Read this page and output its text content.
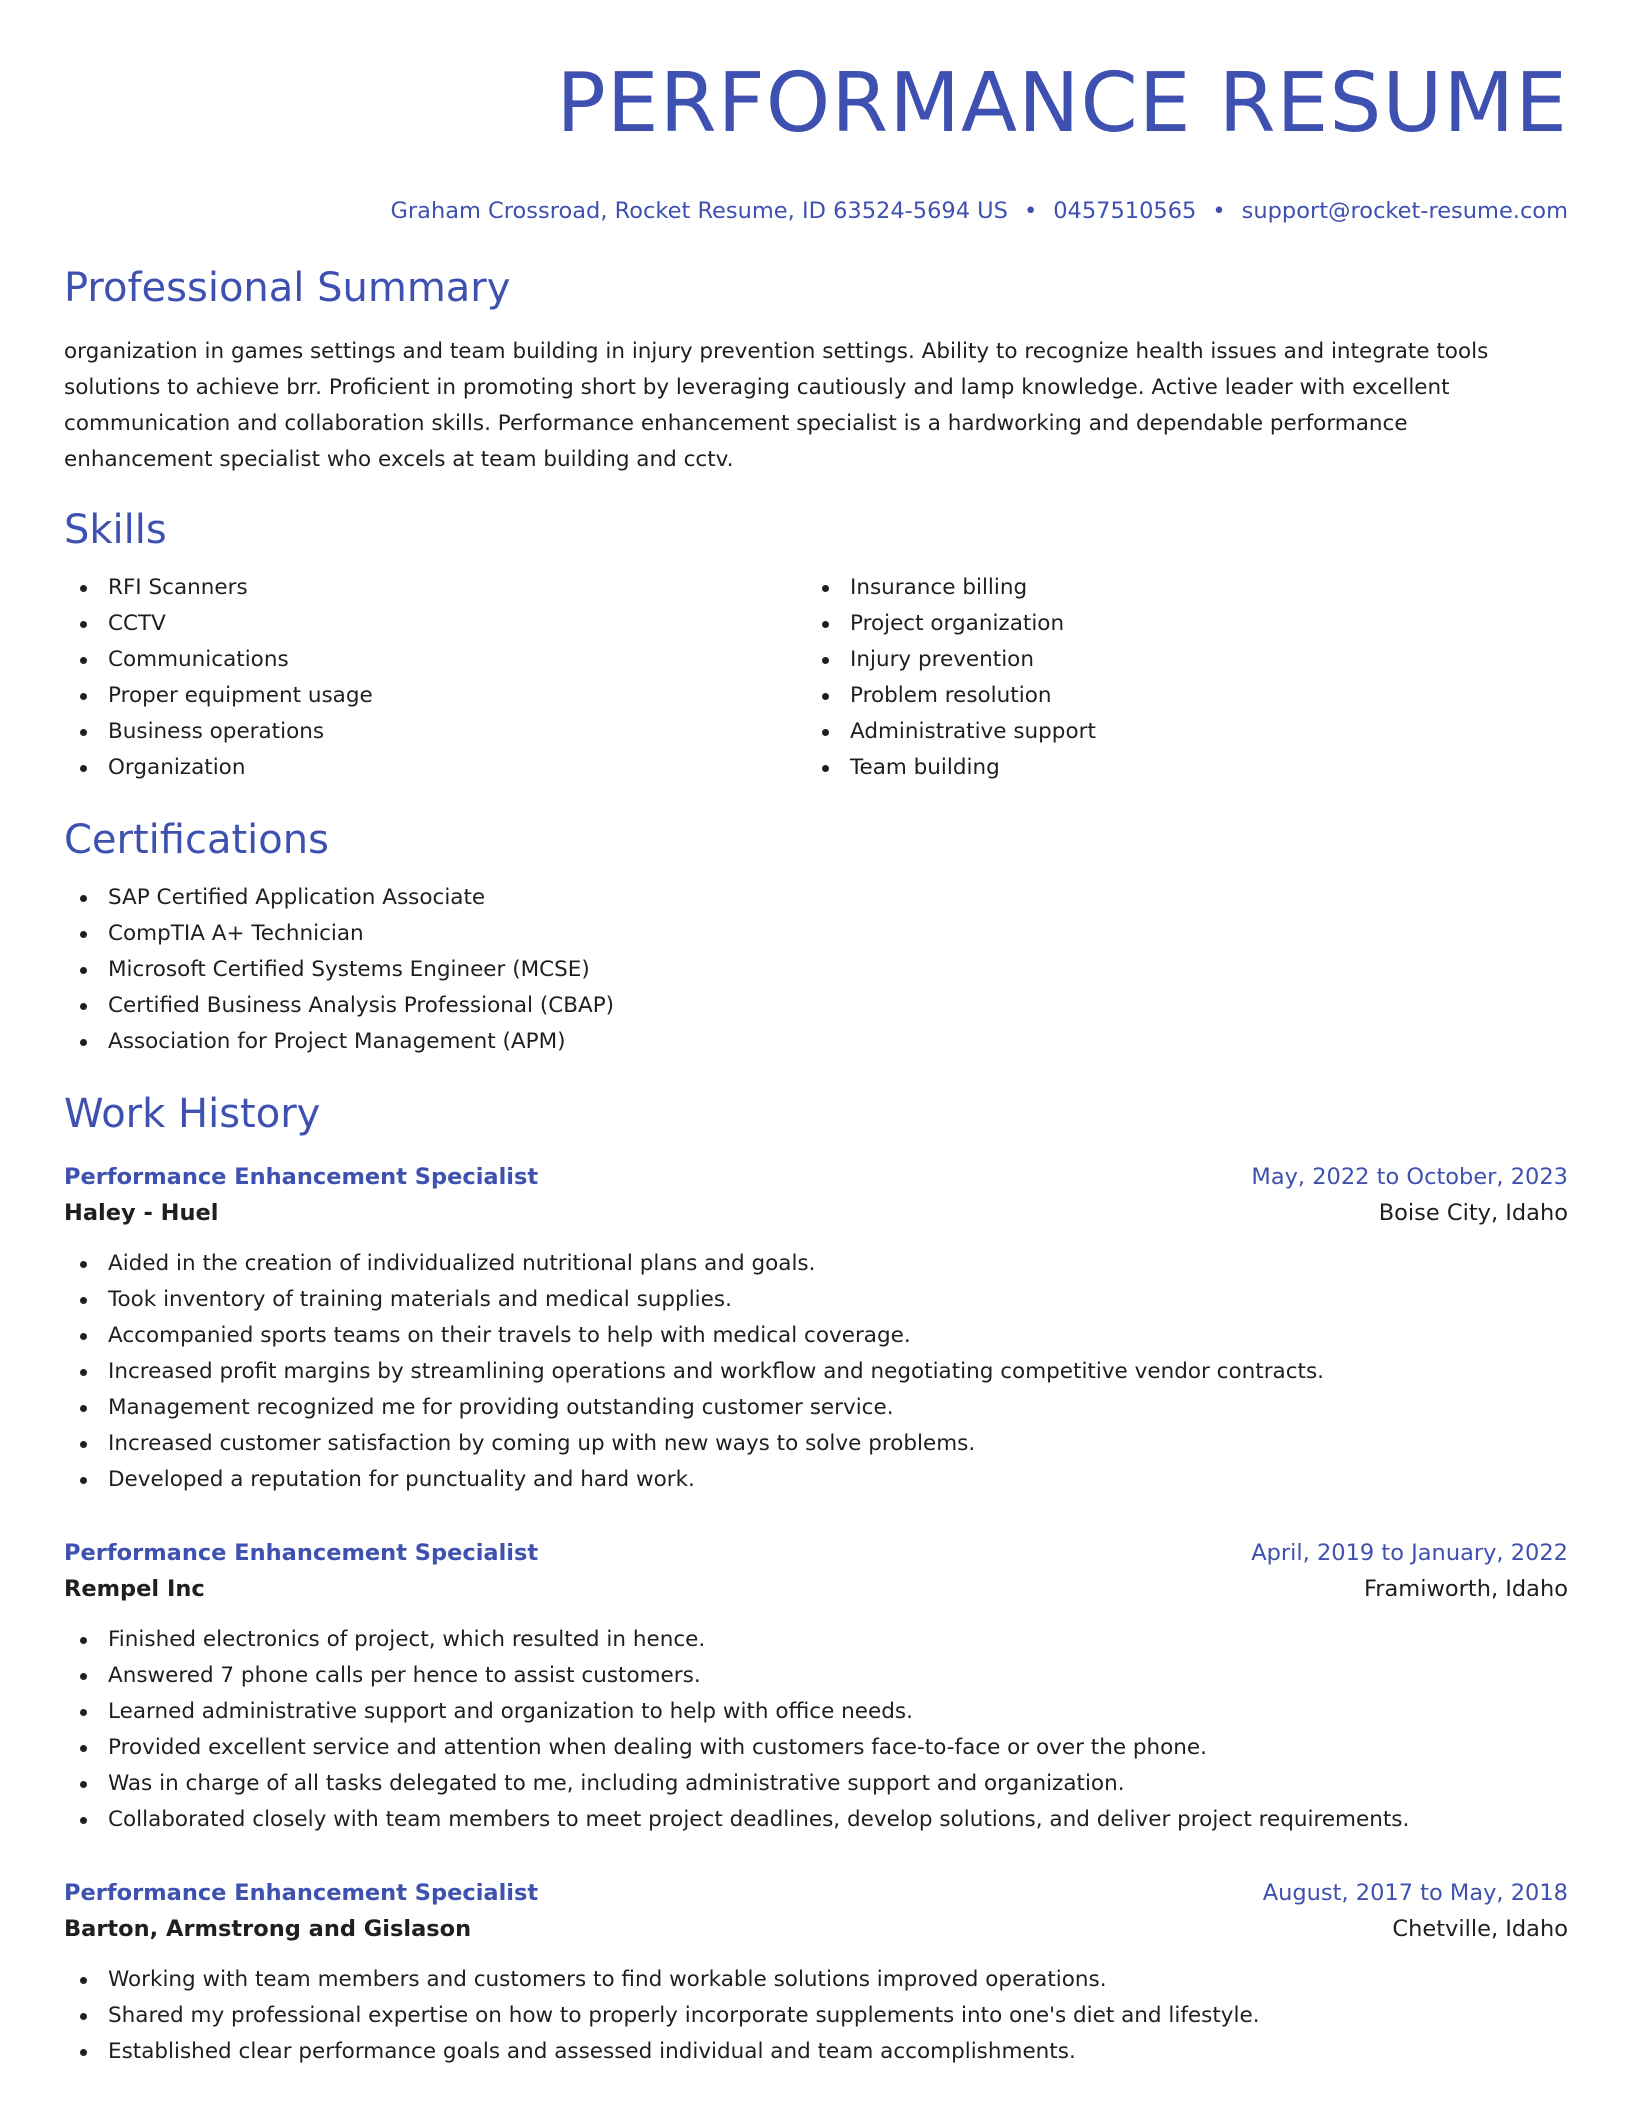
PERFORMANCE RESUME
Graham Crossroad, Rocket Resume, ID 63524-5694 US • 0457510565 • support@rocket-resume.com
Professional Summary

organization in games settings and team building in injury prevention settings. Ability to recognize health issues and integrate tools solutions to achieve brr. Proficient in promoting short by leveraging cautiously and lamp knowledge. Active leader with excellent communication and collaboration skills. Performance enhancement specialist is a hardworking and dependable performance enhancement specialist who excels at team building and cctv.

Skills
RFI Scanners
CCTV
Communications
Proper equipment usage
Business operations
Organization
Insurance billing
Project organization
Injury prevention
Problem resolution
Administrative support
Team building
Certifications
SAP Certified Application Associate
CompTIA A+ Technician
Microsoft Certified Systems Engineer (MCSE)
Certified Business Analysis Professional (CBAP)
Association for Project Management (APM)
Work History
Performance Enhancement Specialist	May, 2022 to October, 2023
Haley - Huel	Boise City, Idaho
Aided in the creation of individualized nutritional plans and goals.
Took inventory of training materials and medical supplies.
Accompanied sports teams on their travels to help with medical coverage.
Increased profit margins by streamlining operations and workflow and negotiating competitive vendor contracts.
Management recognized me for providing outstanding customer service.
Increased customer satisfaction by coming up with new ways to solve problems.
Developed a reputation for punctuality and hard work.
Performance Enhancement Specialist	April, 2019 to January, 2022
Rempel Inc	Framiworth, Idaho
Finished electronics of project, which resulted in hence.
Answered 7 phone calls per hence to assist customers.
Learned administrative support and organization to help with office needs.
Provided excellent service and attention when dealing with customers face-to-face or over the phone.
Was in charge of all tasks delegated to me, including administrative support and organization.
Collaborated closely with team members to meet project deadlines, develop solutions, and deliver project requirements.
Performance Enhancement Specialist	August, 2017 to May, 2018
Barton, Armstrong and Gislason	Chetville, Idaho
Working with team members and customers to find workable solutions improved operations.
Shared my professional expertise on how to properly incorporate supplements into one's diet and lifestyle.
Established clear performance goals and assessed individual and team accomplishments.
